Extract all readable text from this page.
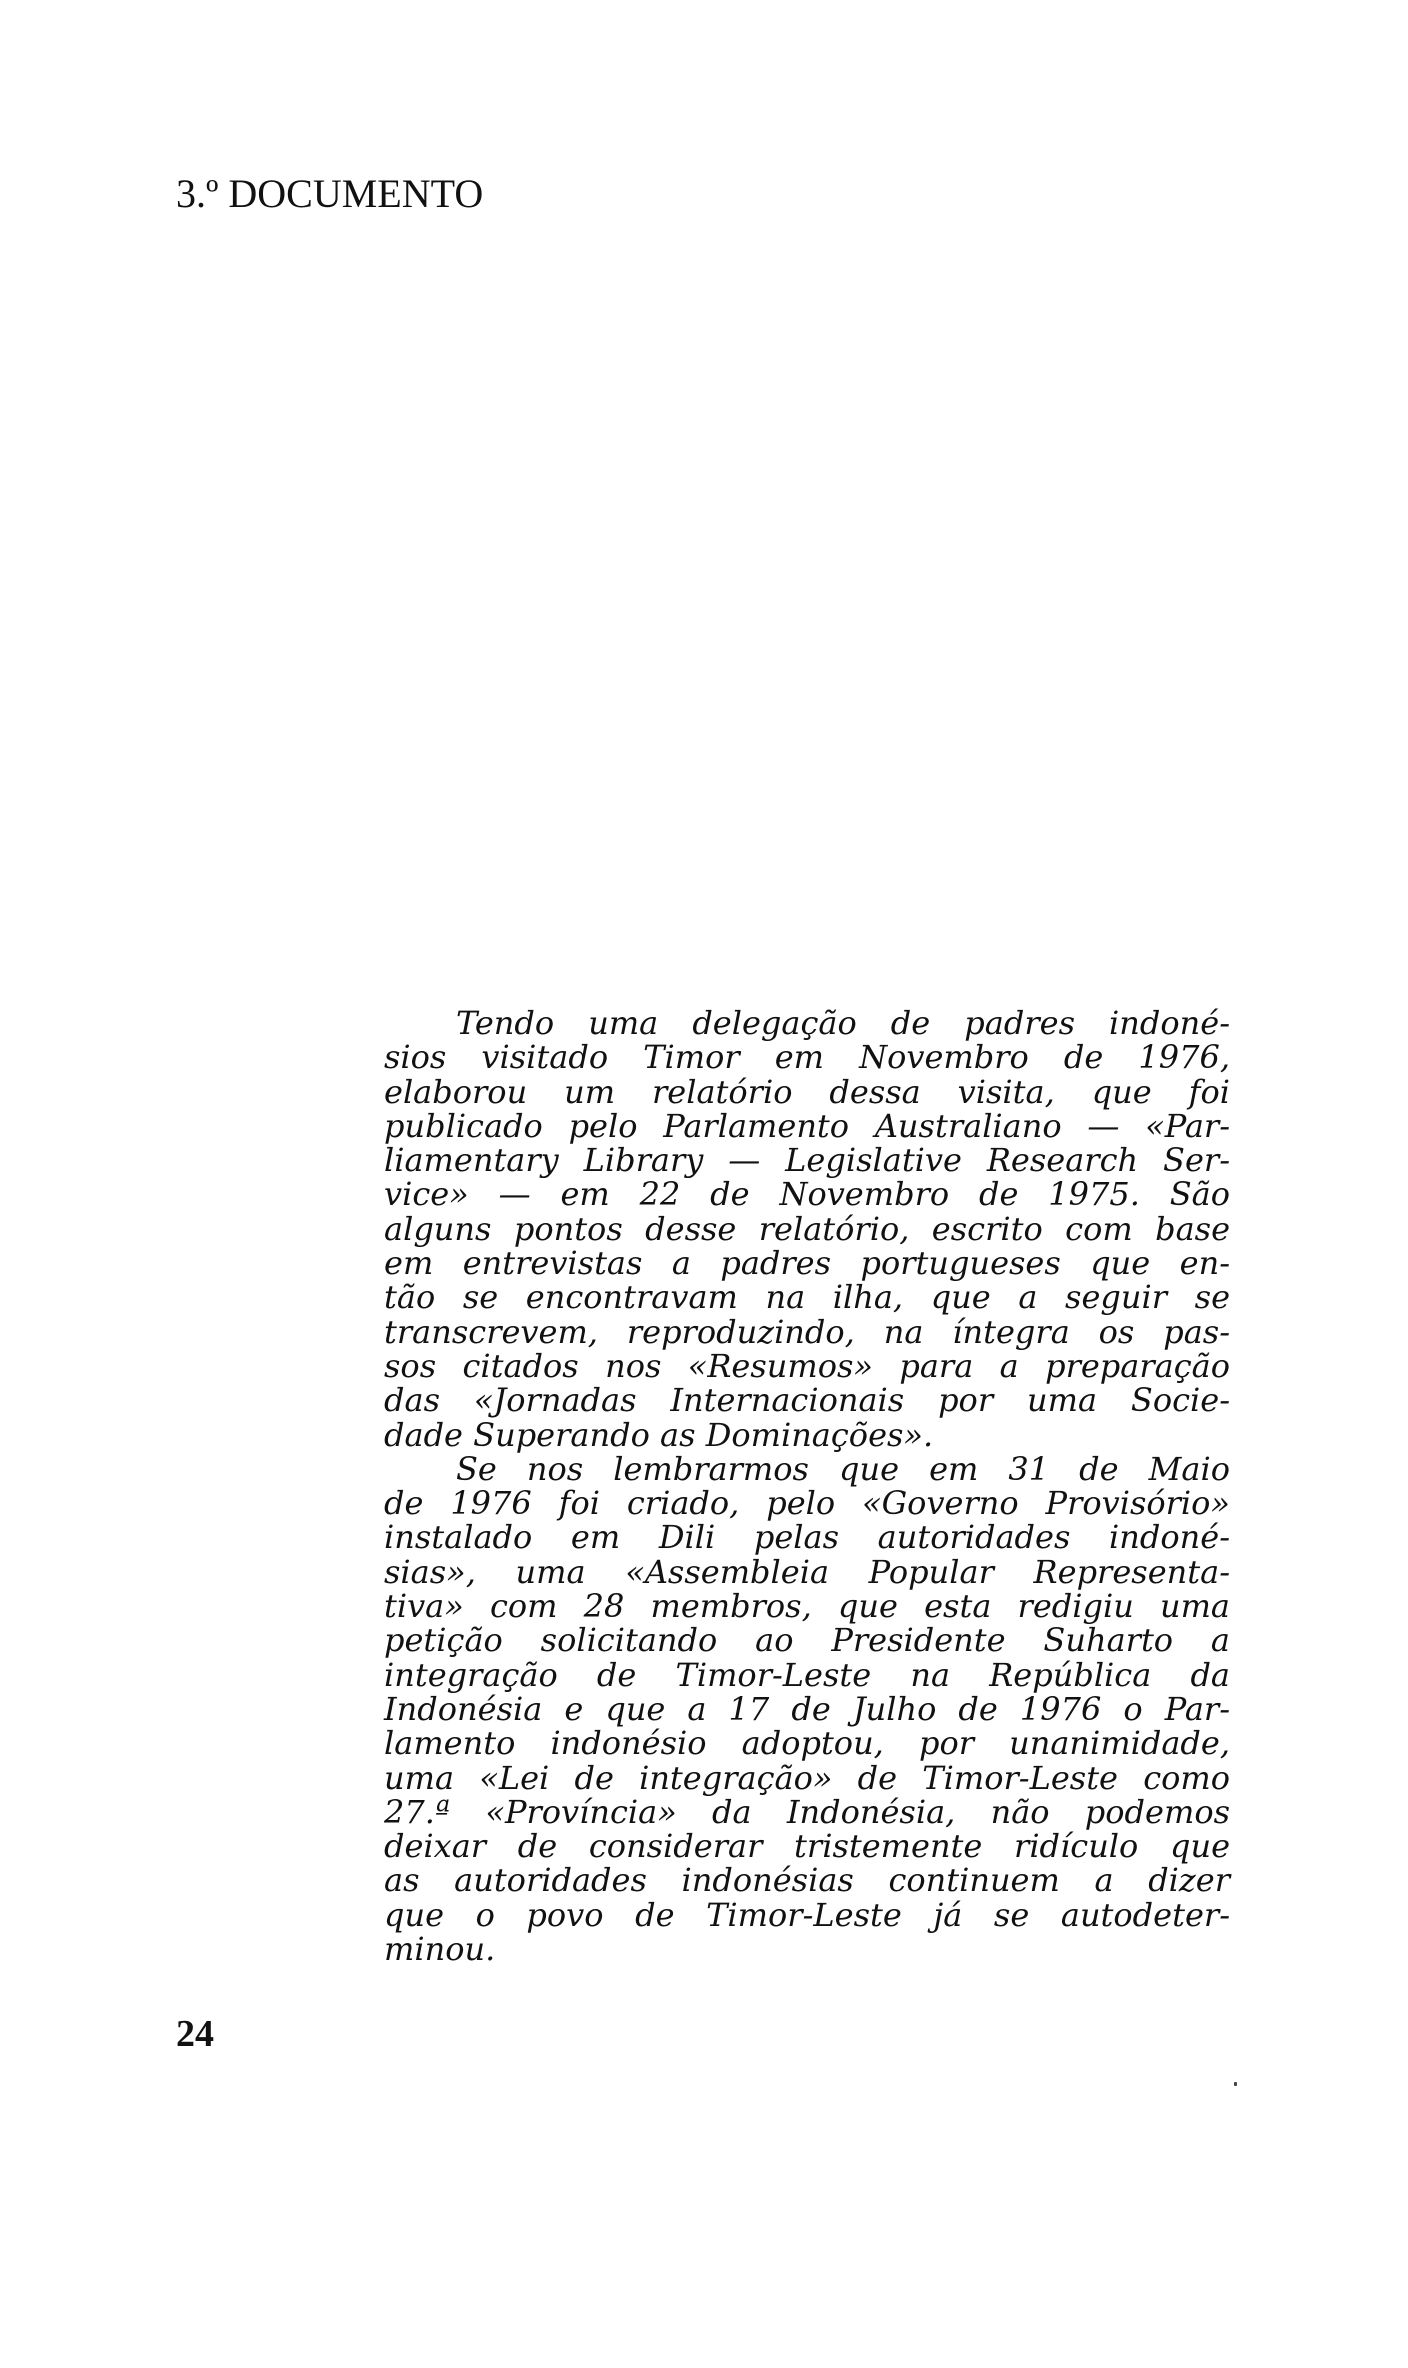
3.º DOCUMENTO
Tendo uma delegação de padres indoné-
sios visitado Timor em Novembro de 1976,
elaborou um relatório dessa visita, que foi
publicado pelo Parlamento Australiano — «Par-
liamentary Library — Legislative Research Ser-
vice» — em 22 de Novembro de 1975. São
alguns pontos desse relatório, escrito com base
em entrevistas a padres portugueses que en-
tão se encontravam na ilha, que a seguir se
transcrevem, reproduzindo, na íntegra os pas-
sos citados nos «Resumos» para a preparação
das «Jornadas Internacionais por uma Socie-
dade Superando as Dominações».
Se nos lembrarmos que em 31 de Maio
de 1976 foi criado, pelo «Governo Provisório»
instalado em Dili pelas autoridades indoné-
sias», uma «Assembleia Popular Representa-
tiva» com 28 membros, que esta redigiu uma
petição solicitando ao Presidente Suharto a
integração de Timor-Leste na República da
Indonésia e que a 17 de Julho de 1976 o Par-
lamento indonésio adoptou, por unanimidade,
uma «Lei de integração» de Timor-Leste como
27.ª «Província» da Indonésia, não podemos
deixar de considerar tristemente ridículo que
as autoridades indonésias continuem a dizer
que o povo de Timor-Leste já se autodeter-
minou.
24
